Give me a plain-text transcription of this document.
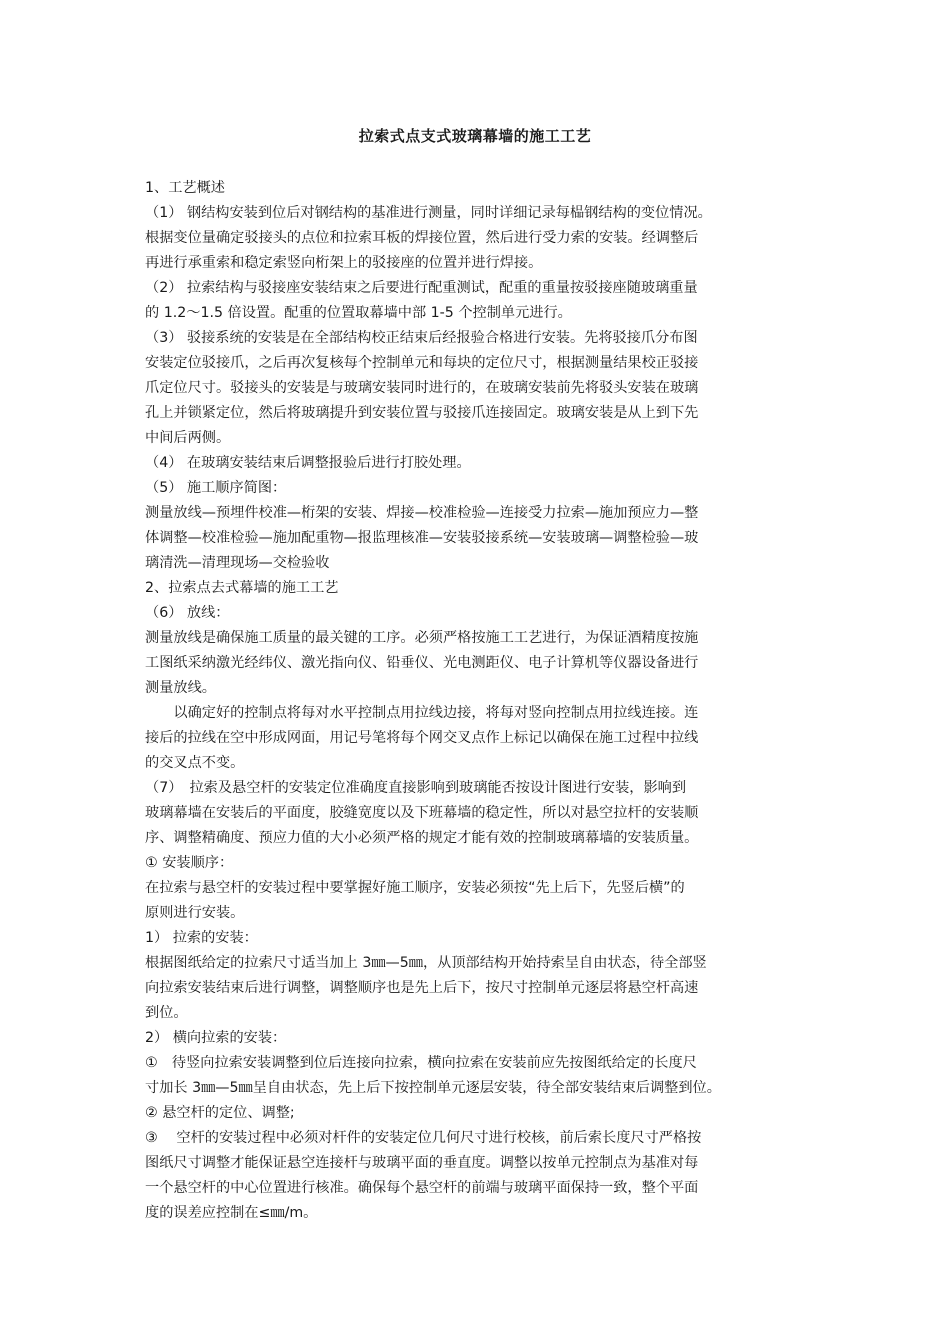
拉索式点支式玻璃幕墙的施工工艺
1、工艺概述
（1） 钢结构安装到位后对钢结构的基准进行测量，同时详细记录每榀钢结构的变位情况。
根据变位量确定驳接头的点位和拉索耳板的焊接位置，然后进行受力索的安装。经调整后
再进行承重索和稳定索竖向桁架上的驳接座的位置并进行焊接。
（2） 拉索结构与驳接座安装结束之后要进行配重测试，配重的重量按驳接座随玻璃重量
的 1.2～1.5 倍设置。配重的位置取幕墙中部 1-5 个控制单元进行。
（3） 驳接系统的安装是在全部结构校正结束后经报验合格进行安装。先将驳接爪分布图
安装定位驳接爪，之后再次复核每个控制单元和每块的定位尺寸，根据测量结果校正驳接
爪定位尺寸。驳接头的安装是与玻璃安装同时进行的，在玻璃安装前先将驳头安装在玻璃
孔上并锁紧定位，然后将玻璃提升到安装位置与驳接爪连接固定。玻璃安装是从上到下先
中间后两侧。
（4） 在玻璃安装结束后调整报验后进行打胶处理。
（5） 施工顺序简图：
测量放线—预埋件校准—桁架的安装、焊接—校准检验—连接受力拉索—施加预应力—整
体调整—校准检验—施加配重物—报监理核准—安装驳接系统—安装玻璃—调整检验—玻
璃清洗—清理现场—交检验收
2、拉索点去式幕墙的施工工艺
（6） 放线：
测量放线是确保施工质量的最关键的工序。必须严格按施工工艺进行，为保证酒精度按施
工图纸采纳激光经纬仪、激光指向仪、铅垂仪、光电测距仪、电子计算机等仪器设备进行
测量放线。
　　以确定好的控制点将每对水平控制点用拉线边接，将每对竖向控制点用拉线连接。连
接后的拉线在空中形成网面，用记号笔将每个网交叉点作上标记以确保在施工过程中拉线
的交叉点不变。
（7）　拉索及悬空杆的安装定位准确度直接影响到玻璃能否按设计图进行安装，影响到
玻璃幕墙在安装后的平面度，胶缝宽度以及下班幕墙的稳定性，所以对悬空拉杆的安装顺
序、调整精确度、预应力值的大小必须严格的规定才能有效的控制玻璃幕墙的安装质量。
① 安装顺序：
在拉索与悬空杆的安装过程中要掌握好施工顺序，安装必须按“先上后下，先竖后横”的
原则进行安装。
1） 拉索的安装：
根据图纸给定的拉索尺寸适当加上 3㎜—5㎜，从顶部结构开始持索呈自由状态，待全部竖
向拉索安装结束后进行调整，调整顺序也是先上后下，按尺寸控制单元逐层将悬空杆高速
到位。
2） 横向拉索的安装：
①　待竖向拉索安装调整到位后连接向拉索，横向拉索在安装前应先按图纸给定的长度尺
寸加长 3㎜—5㎜呈自由状态，先上后下按控制单元逐层安装，待全部安装结束后调整到位。
② 悬空杆的定位、调整;
③　 空杆的安装过程中必须对杆件的安装定位几何尺寸进行校核，前后索长度尺寸严格按
图纸尺寸调整才能保证悬空连接杆与玻璃平面的垂直度。调整以按单元控制点为基准对每
一个悬空杆的中心位置进行核准。确保每个悬空杆的前端与玻璃平面保持一致，整个平面
度的误差应控制在≤㎜/m。
